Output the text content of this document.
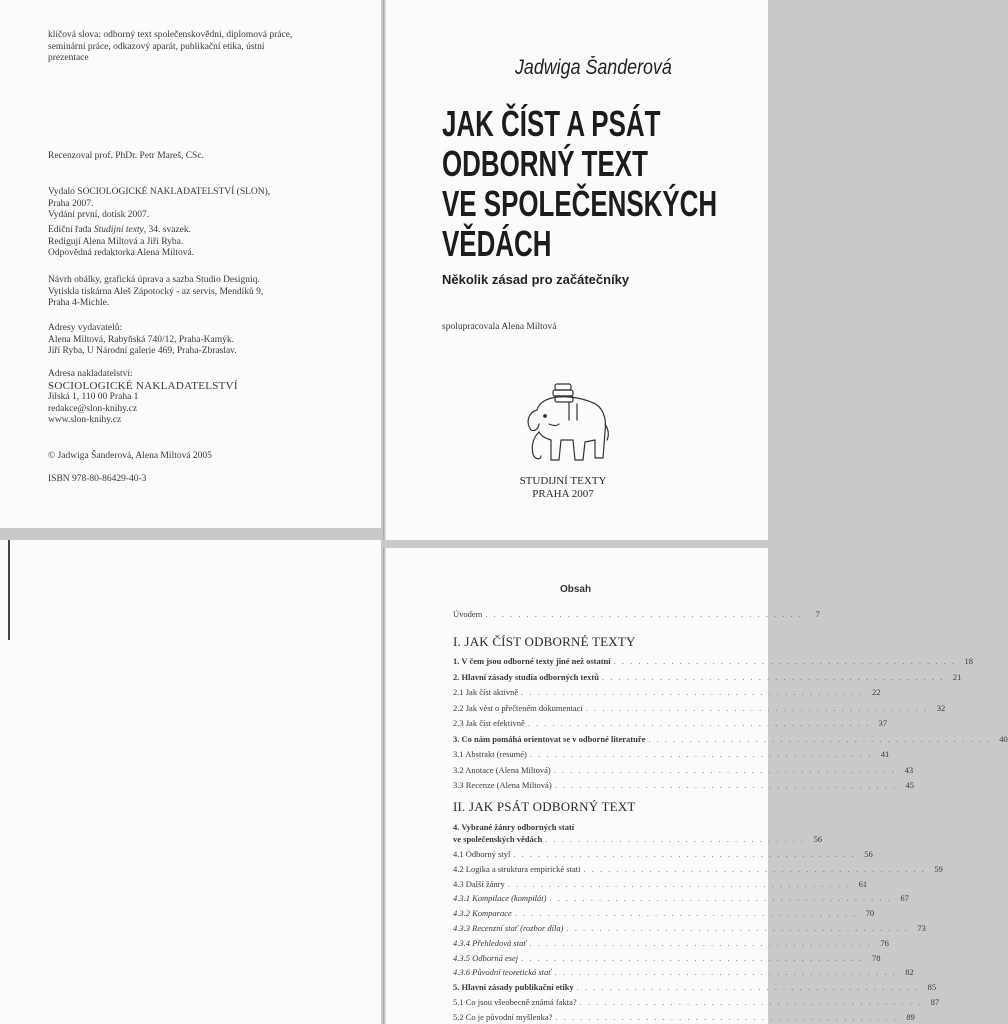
klíčová slova: odborný text společenskovědní, diplomová práce,
seminární práce, odkazový aparát, publikační etika, ústní
prezentace
Recenzoval prof. PhDr. Petr Mareš, CSc.
Vydalo SOCIOLOGICKÉ NAKLADATELSTVÍ (SLON),
Praha 2007.
Vydání první, dotisk 2007.
Ediční řada Studijní texty, 34. svazek.
Redigují Alena Miltová a Jiří Ryba.
Odpovědná redaktorka Alena Miltová.
Návrh obálky, grafická úprava a sazba Studio Designiq.
Vytiskla tiskárna Aleš Zápotocký - az servis, Mendíků 9,
Praha 4-Michle.
Adresy vydavatelů:
Alena Miltová, Rabyňská 740/12, Praha-Kamýk.
Jiří Ryba, U Národní galerie 469, Praha-Zbraslav.
Adresa nakladatelství:
SOCIOLOGICKÉ NAKLADATELSTVÍ
Jilská 1, 110 00 Praha 1
redakce@slon-knihy.cz
www.slon-knihy.cz
© Jadwiga Šanderová, Alena Miltová 2005
ISBN 978-80-86429-40-3
Jadwiga Šanderová
JAK ČÍST A PSÁT
ODBORNÝ TEXT
VE SPOLEČENSKÝCH
VĚDÁCH
Několik zásad pro začátečníky
spolupracovala Alena Miltová
STUDIJNÍ TEXTY
PRAHA 2007
Obsah
Úvodem . . . . . . . . . . . . . . . . . . . . . . . . . . . . . . . . . . . . . . .	7
I. JAK ČÍST ODBORNÉ TEXTY
1. V čem jsou odborné texty jiné než ostatní . . . . . . . . . . . . . . . . . . . . . . . . . . . . . . . . . . . . . . . . . .	18
2. Hlavní zásady studia odborných textů . . . . . . . . . . . . . . . . . . . . . . . . . . . . . . . . . . . . . . . . . .	21
2.1 Jak číst aktivně . . . . . . . . . . . . . . . . . . . . . . . . . . . . . . . . . . . . . . . . . .	22
2.2 Jak vést o přečteném dokumentaci . . . . . . . . . . . . . . . . . . . . . . . . . . . . . . . . . . . . . . . . . .	32
2.3 Jak číst efektivně . . . . . . . . . . . . . . . . . . . . . . . . . . . . . . . . . . . . . . . . . .	37
3. Co nám pomáhá orientovat se v odborné literatuře . . . . . . . . . . . . . . . . . . . . . . . . . . . . . . . . . . . . . . . . . .	40
3.1 Abstrakt (resumé) . . . . . . . . . . . . . . . . . . . . . . . . . . . . . . . . . . . . . . . . . .	41
3.2 Anotace (Alena Miltová) . . . . . . . . . . . . . . . . . . . . . . . . . . . . . . . . . . . . . . . . . .	43
3.3 Recenze (Alena Miltová) . . . . . . . . . . . . . . . . . . . . . . . . . . . . . . . . . . . . . . . . . .	45
II. JAK PSÁT ODBORNÝ TEXT
4. Vybrané žánry odborných statí
ve společenských vědách . . . . . . . . . . . . . . . . . . . . . . . . . . . . . . . .	56
4.1 Odborný styl . . . . . . . . . . . . . . . . . . . . . . . . . . . . . . . . . . . . . . . . . .	56
4.2 Logika a struktura empirické stati . . . . . . . . . . . . . . . . . . . . . . . . . . . . . . . . . . . . . . . . . .	59
4.3 Další žánry . . . . . . . . . . . . . . . . . . . . . . . . . . . . . . . . . . . . . . . . . .	61
4.3.1 Kompilace (kompilát) . . . . . . . . . . . . . . . . . . . . . . . . . . . . . . . . . . . . . . . . . .	67
4.3.2 Komparace . . . . . . . . . . . . . . . . . . . . . . . . . . . . . . . . . . . . . . . . . .	70
4.3.3 Recenzní stať (rozbor díla) . . . . . . . . . . . . . . . . . . . . . . . . . . . . . . . . . . . . . . . . . .	73
4.3.4 Přehledová stať . . . . . . . . . . . . . . . . . . . . . . . . . . . . . . . . . . . . . . . . . .	76
4.3.5 Odborná esej . . . . . . . . . . . . . . . . . . . . . . . . . . . . . . . . . . . . . . . . . .	78
4.3.6 Původní teoretická stať . . . . . . . . . . . . . . . . . . . . . . . . . . . . . . . . . . . . . . . . . .	82
5. Hlavní zásady publikační etiky . . . . . . . . . . . . . . . . . . . . . . . . . . . . . . . . . . . . . . . . . .	85
5.1 Co jsou všeobecně známá fakta? . . . . . . . . . . . . . . . . . . . . . . . . . . . . . . . . . . . . . . . . . .	87
5.2 Co je původní myšlenka? . . . . . . . . . . . . . . . . . . . . . . . . . . . . . . . . . . . . . . . . . .	89
